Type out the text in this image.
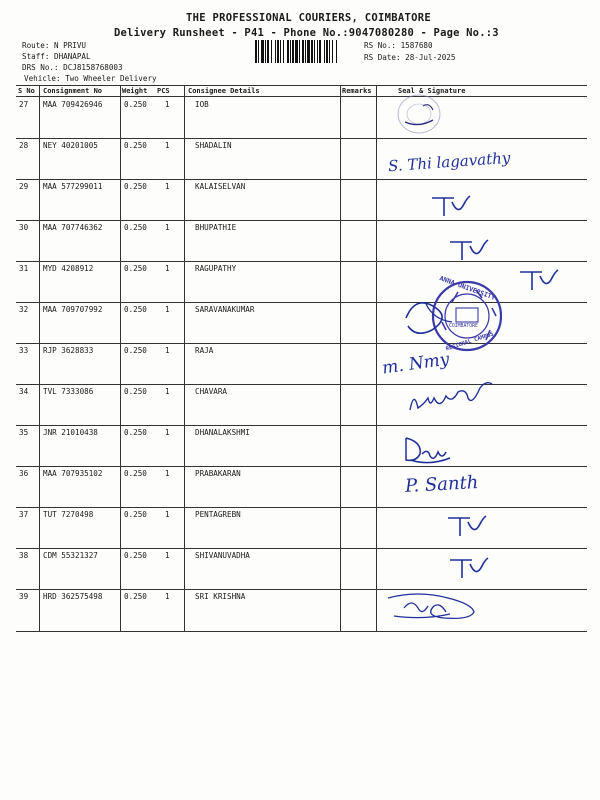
THE PROFESSIONAL COURIERS, COIMBATORE
Delivery Runsheet - P41 - Phone No.:9047080280 - Page No.:3
Route: N PRIVU
Staff: DHANAPAL
DRS No.: DCJ8158768003
Vehicle: Two Wheeler Delivery
RS No.: 1587680
RS Date: 28-Jul-2025
S No Consignment No	Weight PCS	Consignee Details	Remarks	Seal & Signature
27 MAA 709426946	0.250 1	IOB
28 NEY 40201005	0.250 1	SHADALIN
29 MAA 577299011	0.250 1	KALAISELVAN
30 MAA 707746362	0.250 1	BHUPATHIE
31 MYD 4208912	0.250 1	RAGUPATHY
32 MAA 709707992	0.250 1	SARAVANAKUMAR
33 RJP 3628833	0.250 1	RAJA
34 TVL 7333086	0.250 1	CHAVARA
35 JNR 21010438	0.250 1	DHANALAKSHMI
36 MAA 707935102	0.250 1	PRABAKARAN
37 TUT 7270498	0.250 1	PENTAGREBN
38 CDM 55321327	0.250 1	SHIVANUVADHA
39 HRD 362575498	0.250 1	SRI KRISHNA
ANNA UNIVERSITY
REGIONAL CAMPUS
COIMBATORE
S. Thi lagavathy
m. Nmy
P. Santh
